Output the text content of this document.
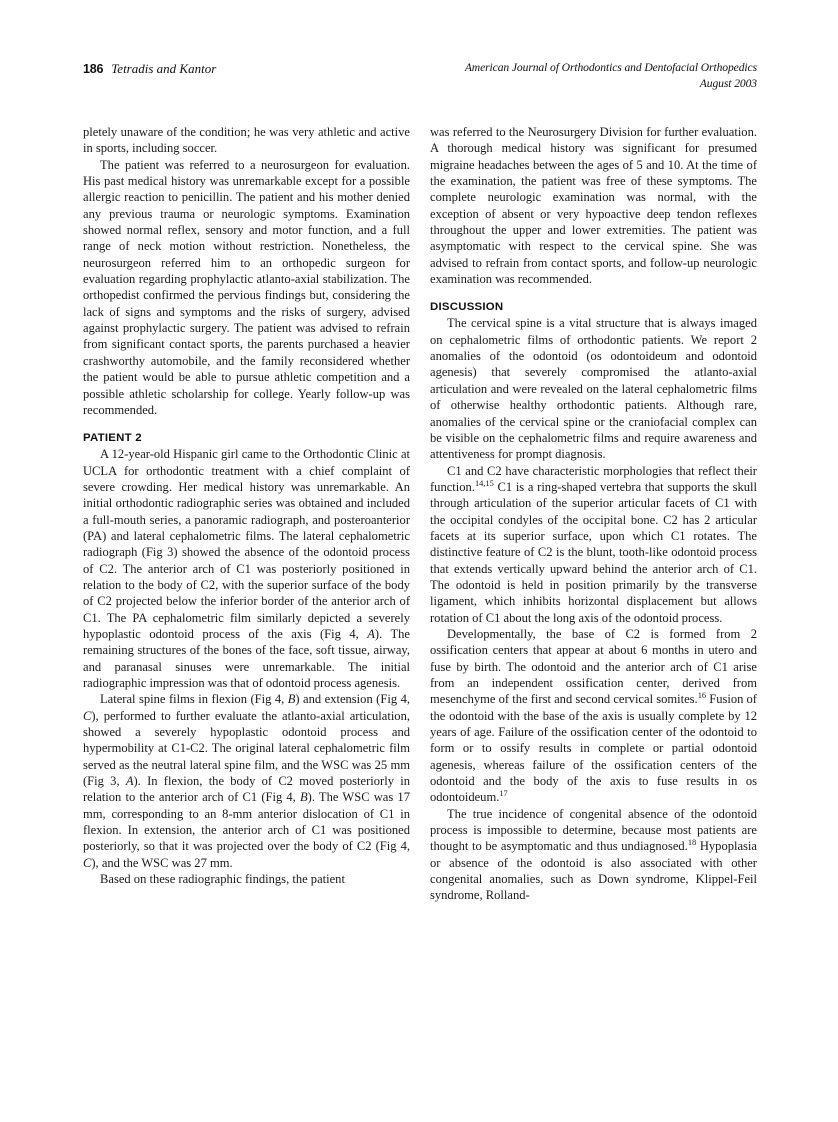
186 Tetradis and Kantor	American Journal of Orthodontics and Dentofacial Orthopedics
August 2003

pletely unaware of the condition; he was very athletic and active in sports, including soccer.

The patient was referred to a neurosurgeon for evaluation. His past medical history was unremarkable except for a possible allergic reaction to penicillin. The patient and his mother denied any previous trauma or neurologic symptoms. Examination showed normal reflex, sensory and motor function, and a full range of neck motion without restriction. Nonetheless, the neurosurgeon referred him to an orthopedic surgeon for evaluation regarding prophylactic atlanto-axial stabilization. The orthopedist confirmed the pervious findings but, considering the lack of signs and symptoms and the risks of surgery, advised against prophylactic surgery. The patient was advised to refrain from significant contact sports, the parents purchased a heavier crashworthy automobile, and the family reconsidered whether the patient would be able to pursue athletic competition and a possible athletic scholarship for college. Yearly follow-up was recommended.

PATIENT 2

A 12-year-old Hispanic girl came to the Orthodontic Clinic at UCLA for orthodontic treatment with a chief complaint of severe crowding. Her medical history was unremarkable. An initial orthodontic radiographic series was obtained and included a full-mouth series, a panoramic radiograph, and posteroanterior (PA) and lateral cephalometric films. The lateral cephalometric radiograph (Fig 3) showed the absence of the odontoid process of C2. The anterior arch of C1 was posteriorly positioned in relation to the body of C2, with the superior surface of the body of C2 projected below the inferior border of the anterior arch of C1. The PA cephalometric film similarly depicted a severely hypoplastic odontoid process of the axis (Fig 4, A). The remaining structures of the bones of the face, soft tissue, airway, and paranasal sinuses were unremarkable. The initial radiographic impression was that of odontoid process agenesis.

Lateral spine films in flexion (Fig 4, B) and extension (Fig 4, C), performed to further evaluate the atlanto-axial articulation, showed a severely hypoplastic odontoid process and hypermobility at C1-C2. The original lateral cephalometric film served as the neutral lateral spine film, and the WSC was 25 mm (Fig 3, A). In flexion, the body of C2 moved posteriorly in relation to the anterior arch of C1 (Fig 4, B). The WSC was 17 mm, corresponding to an 8-mm anterior dislocation of C1 in flexion. In extension, the anterior arch of C1 was positioned posteriorly, so that it was projected over the body of C2 (Fig 4, C), and the WSC was 27 mm.

Based on these radiographic findings, the patient

was referred to the Neurosurgery Division for further evaluation. A thorough medical history was significant for presumed migraine headaches between the ages of 5 and 10. At the time of the examination, the patient was free of these symptoms. The complete neurologic examination was normal, with the exception of absent or very hypoactive deep tendon reflexes throughout the upper and lower extremities. The patient was asymptomatic with respect to the cervical spine. She was advised to refrain from contact sports, and follow-up neurologic examination was recommended.

DISCUSSION

The cervical spine is a vital structure that is always imaged on cephalometric films of orthodontic patients. We report 2 anomalies of the odontoid (os odontoideum and odontoid agenesis) that severely compromised the atlanto-axial articulation and were revealed on the lateral cephalometric films of otherwise healthy orthodontic patients. Although rare, anomalies of the cervical spine or the craniofacial complex can be visible on the cephalometric films and require awareness and attentiveness for prompt diagnosis.

C1 and C2 have characteristic morphologies that reflect their function.$^{14,15}$ C1 is a ring-shaped vertebra that supports the skull through articulation of the superior articular facets of C1 with the occipital condyles of the occipital bone. C2 has 2 articular facets at its superior surface, upon which C1 rotates. The distinctive feature of C2 is the blunt, tooth-like odontoid process that extends vertically upward behind the anterior arch of C1. The odontoid is held in position primarily by the transverse ligament, which inhibits horizontal displacement but allows rotation of C1 about the long axis of the odontoid process.

Developmentally, the base of C2 is formed from 2 ossification centers that appear at about 6 months in utero and fuse by birth. The odontoid and the anterior arch of C1 arise from an independent ossification center, derived from mesenchyme of the first and second cervical somites.$^{16}$ Fusion of the odontoid with the base of the axis is usually complete by 12 years of age. Failure of the ossification center of the odontoid to form or to ossify results in complete or partial odontoid agenesis, whereas failure of the ossification centers of the odontoid and the body of the axis to fuse results in os odontoideum.$^{17}$

The true incidence of congenital absence of the odontoid process is impossible to determine, because most patients are thought to be asymptomatic and thus undiagnosed.$^{18}$ Hypoplasia or absence of the odontoid is also associated with other congenital anomalies, such as Down syndrome, Klippel-Feil syndrome, Rolland-
